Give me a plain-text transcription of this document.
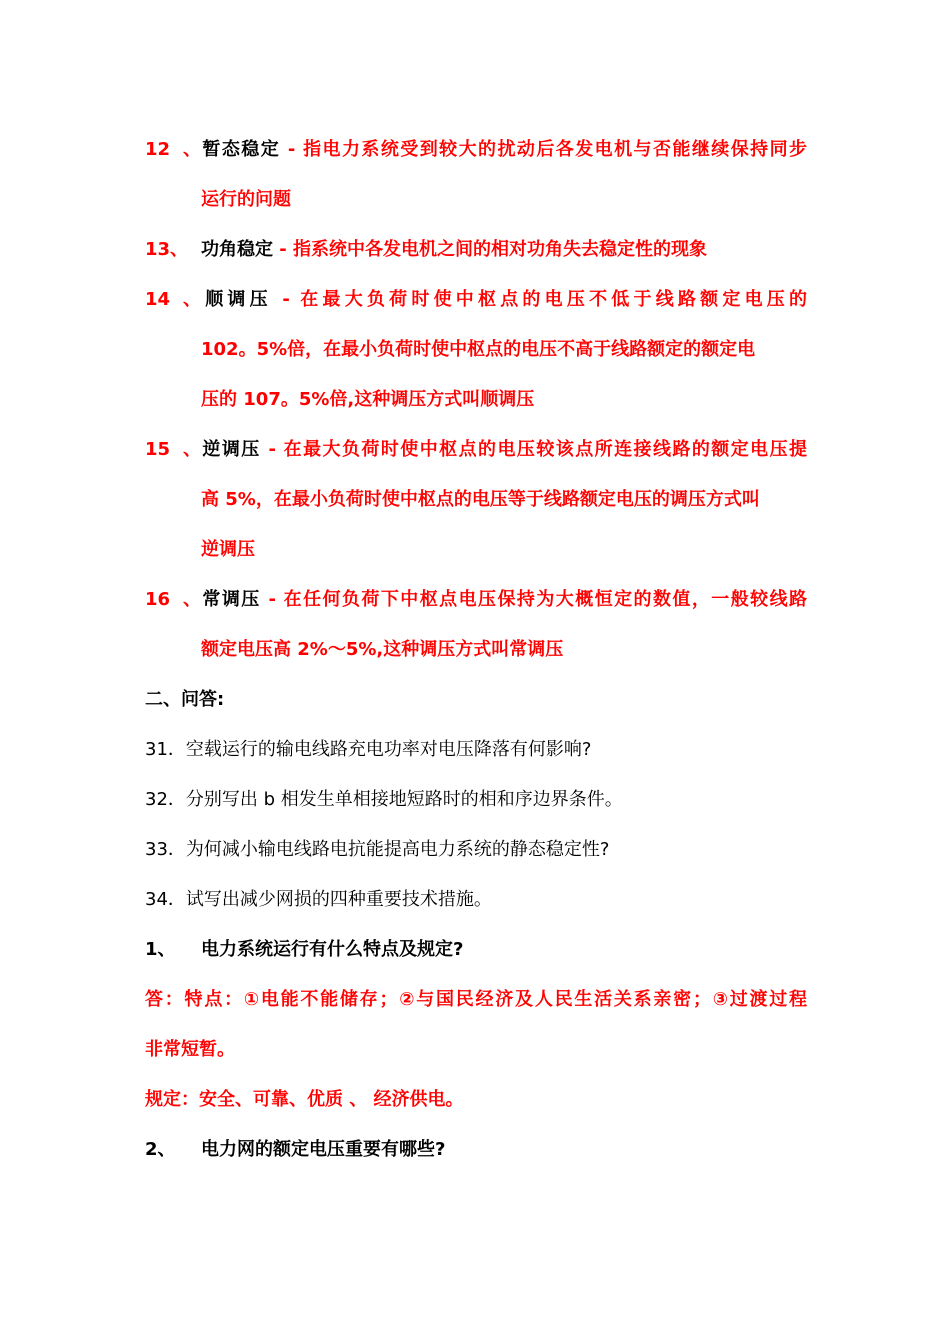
12、暂态稳定 - 指电力系统受到较大的扰动后各发电机与否能继续保持同步
运行的问题
13、 功角稳定 - 指系统中各发电机之间的相对功角失去稳定性的现象
14、顺调压 - 在最大负荷时使中枢点的电压不低于线路额定电压的
102。5%倍，在最小负荷时使中枢点的电压不高于线路额定的额定电
压的 107。5%倍,这种调压方式叫顺调压
15、逆调压 - 在最大负荷时使中枢点的电压较该点所连接线路的额定电压提
高 5%，在最小负荷时使中枢点的电压等于线路额定电压的调压方式叫
逆调压
16、常调压 - 在任何负荷下中枢点电压保持为大概恒定的数值，一般较线路
额定电压高 2%～5%,这种调压方式叫常调压
二、问答:
31．空载运行的输电线路充电功率对电压降落有何影响?
32．分别写出 b 相发生单相接地短路时的相和序边界条件。
33．为何减小输电线路电抗能提高电力系统的静态稳定性?
34．试写出减少网损的四种重要技术措施。
1、 电力系统运行有什么特点及规定?
答：特点：①电能不能储存；②与国民经济及人民生活关系亲密；③过渡过程
非常短暂。
规定：安全、可靠、优质 、 经济供电。
2、 电力网的额定电压重要有哪些?
